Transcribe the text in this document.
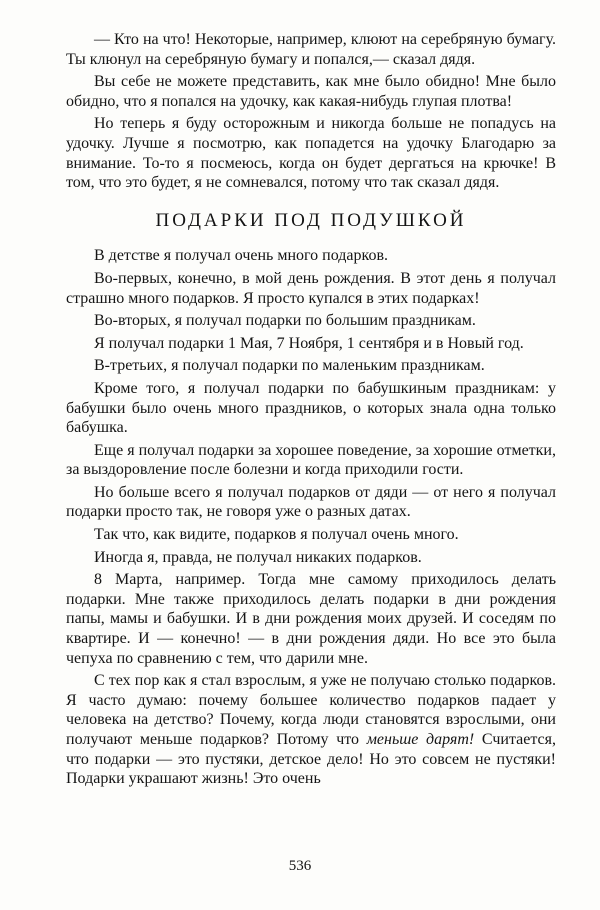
— Кто на что! Некоторые, например, клюют на серебряную бумагу. Ты клюнул на серебряную бумагу и попался,— сказал дядя.

Вы себе не можете представить, как мне было обидно! Мне было обидно, что я попался на удочку, как какая-нибудь глупая плотва!

Но теперь я буду осторожным и никогда больше не попадусь на удочку. Лучше я посмотрю, как попадется на удочку Благодарю за внимание. То-то я посмеюсь, когда он будет дергаться на крючке! В том, что это будет, я не сомневался, потому что так сказал дядя.

ПОДАРКИ ПОД ПОДУШКОЙ

В детстве я получал очень много подарков.

Во-первых, конечно, в мой день рождения. В этот день я получал страшно много подарков. Я просто купался в этих подарках!

Во-вторых, я получал подарки по большим праздникам.

Я получал подарки 1 Мая, 7 Ноября, 1 сентября и в Новый год.

В-третьих, я получал подарки по маленьким праздникам.

Кроме того, я получал подарки по бабушкиным праздникам: у бабушки было очень много праздников, о которых знала одна только бабушка.

Еще я получал подарки за хорошее поведение, за хорошие отметки, за выздоровление после болезни и когда приходили гости.

Но больше всего я получал подарков от дяди — от него я получал подарки просто так, не говоря уже о разных датах.

Так что, как видите, подарков я получал очень много.

Иногда я, правда, не получал никаких подарков.

8 Марта, например. Тогда мне самому приходилось делать подарки. Мне также приходилось делать подарки в дни рождения папы, мамы и бабушки. И в дни рождения моих друзей. И соседям по квартире. И — конечно! — в дни рождения дяди. Но все это была чепуха по сравнению с тем, что дарили мне.

С тех пор как я стал взрослым, я уже не получаю столько подарков. Я часто думаю: почему большее количество подарков падает у человека на детство? Почему, когда люди становятся взрослыми, они получают меньше подарков? Потому что меньше дарят! Считается, что подарки — это пустяки, детское дело! Но это совсем не пустяки! Подарки украшают жизнь! Это очень

536
